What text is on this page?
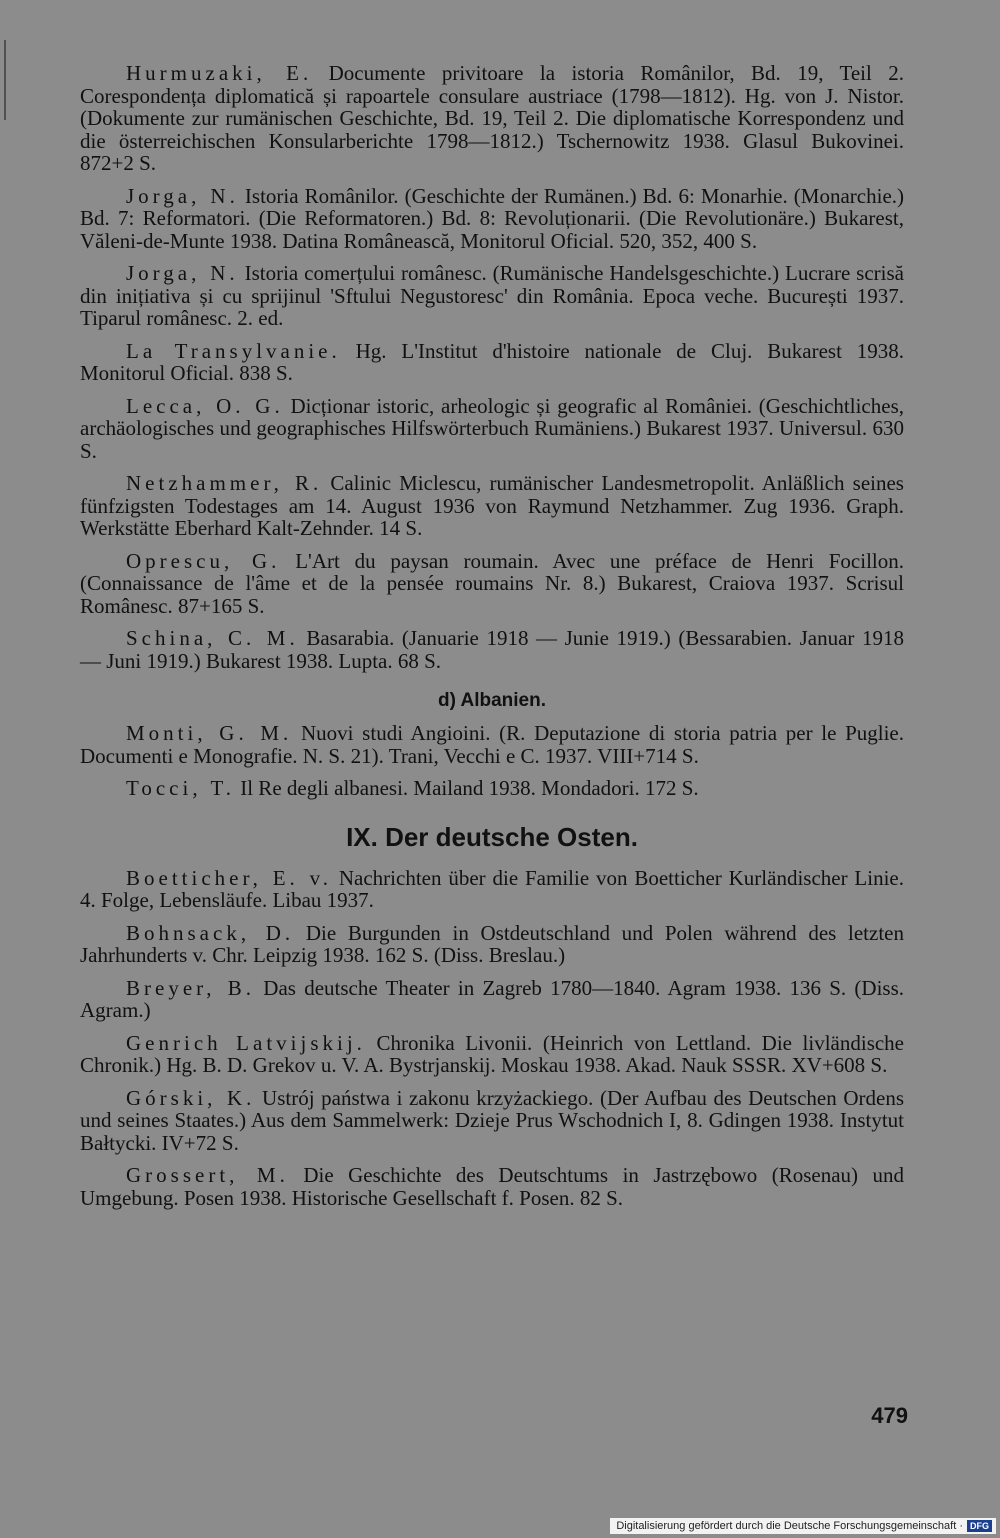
Hurmuzaki, E. Documente privitoare la istoria Românilor, Bd. 19, Teil 2. Corespondența diplomatică și rapoartele consulare austriace (1798—1812). Hg. von J. Nistor. (Dokumente zur rumänischen Geschichte, Bd. 19, Teil 2. Die diplomatische Korrespondenz und die österreichischen Konsularberichte 1798—1812.) Tschernowitz 1938. Glasul Bukovinei. 872+2 S.

Jorga, N. Istoria Românilor. (Geschichte der Rumänen.) Bd. 6: Monarhie. (Monarchie.) Bd. 7: Reformatori. (Die Reformatoren.) Bd. 8: Revoluționarii. (Die Revolutionäre.) Bukarest, Văleni-de-Munte 1938. Datina Românească, Monitorul Oficial. 520, 352, 400 S.

Jorga, N. Istoria comerțului românesc. (Rumänische Handelsgeschichte.) Lucrare scrisă din inițiativa și cu sprijinul 'Sftului Negustoresc' din România. Epoca veche. București 1937. Tiparul românesc. 2. ed.

La Transylvanie. Hg. L'Institut d'histoire nationale de Cluj. Bukarest 1938. Monitorul Oficial. 838 S.

Lecca, O. G. Dicționar istoric, arheologic și geografic al României. (Geschichtliches, archäologisches und geographisches Hilfswörterbuch Rumäniens.) Bukarest 1937. Universul. 630 S.

Netzhammer, R. Calinic Miclescu, rumänischer Landesmetropolit. Anläßlich seines fünfzigsten Todestages am 14. August 1936 von Raymund Netzhammer. Zug 1936. Graph. Werkstätte Eberhard Kalt-Zehnder. 14 S.

Oprescu, G. L'Art du paysan roumain. Avec une préface de Henri Focillon. (Connaissance de l'âme et de la pensée roumains Nr. 8.) Bukarest, Craiova 1937. Scrisul Românesc. 87+165 S.

Schina, C. M. Basarabia. (Januarie 1918 — Junie 1919.) (Bessarabien. Januar 1918 — Juni 1919.) Bukarest 1938. Lupta. 68 S.

d) Albanien.

Monti, G. M. Nuovi studi Angioini. (R. Deputazione di storia patria per le Puglie. Documenti e Monografie. N. S. 21). Trani, Vecchi e C. 1937. VIII+714 S.

Tocci, T. Il Re degli albanesi. Mailand 1938. Mondadori. 172 S.

IX. Der deutsche Osten.

Boetticher, E. v. Nachrichten über die Familie von Boetticher Kurländischer Linie. 4. Folge, Lebensläufe. Libau 1937.

Bohnsack, D. Die Burgunden in Ostdeutschland und Polen während des letzten Jahrhunderts v. Chr. Leipzig 1938. 162 S. (Diss. Breslau.)

Breyer, B. Das deutsche Theater in Zagreb 1780—1840. Agram 1938. 136 S. (Diss. Agram.)

Genrich Latvijskij. Chronika Livonii. (Heinrich von Lettland. Die livländische Chronik.) Hg. B. D. Grekov u. V. A. Bystrjanskij. Moskau 1938. Akad. Nauk SSSR. XV+608 S.

Górski, K. Ustrój państwa i zakonu krzyżackiego. (Der Aufbau des Deutschen Ordens und seines Staates.) Aus dem Sammelwerk: Dzieje Prus Wschodnich I, 8. Gdingen 1938. Instytut Bałtycki. IV+72 S.

Grossert, M. Die Geschichte des Deutschtums in Jastrzębowo (Rosenau) und Umgebung. Posen 1938. Historische Gesellschaft f. Posen. 82 S.

479
Digitalisierung gefördert durch die Deutsche Forschungsgemeinschaft · DFG
